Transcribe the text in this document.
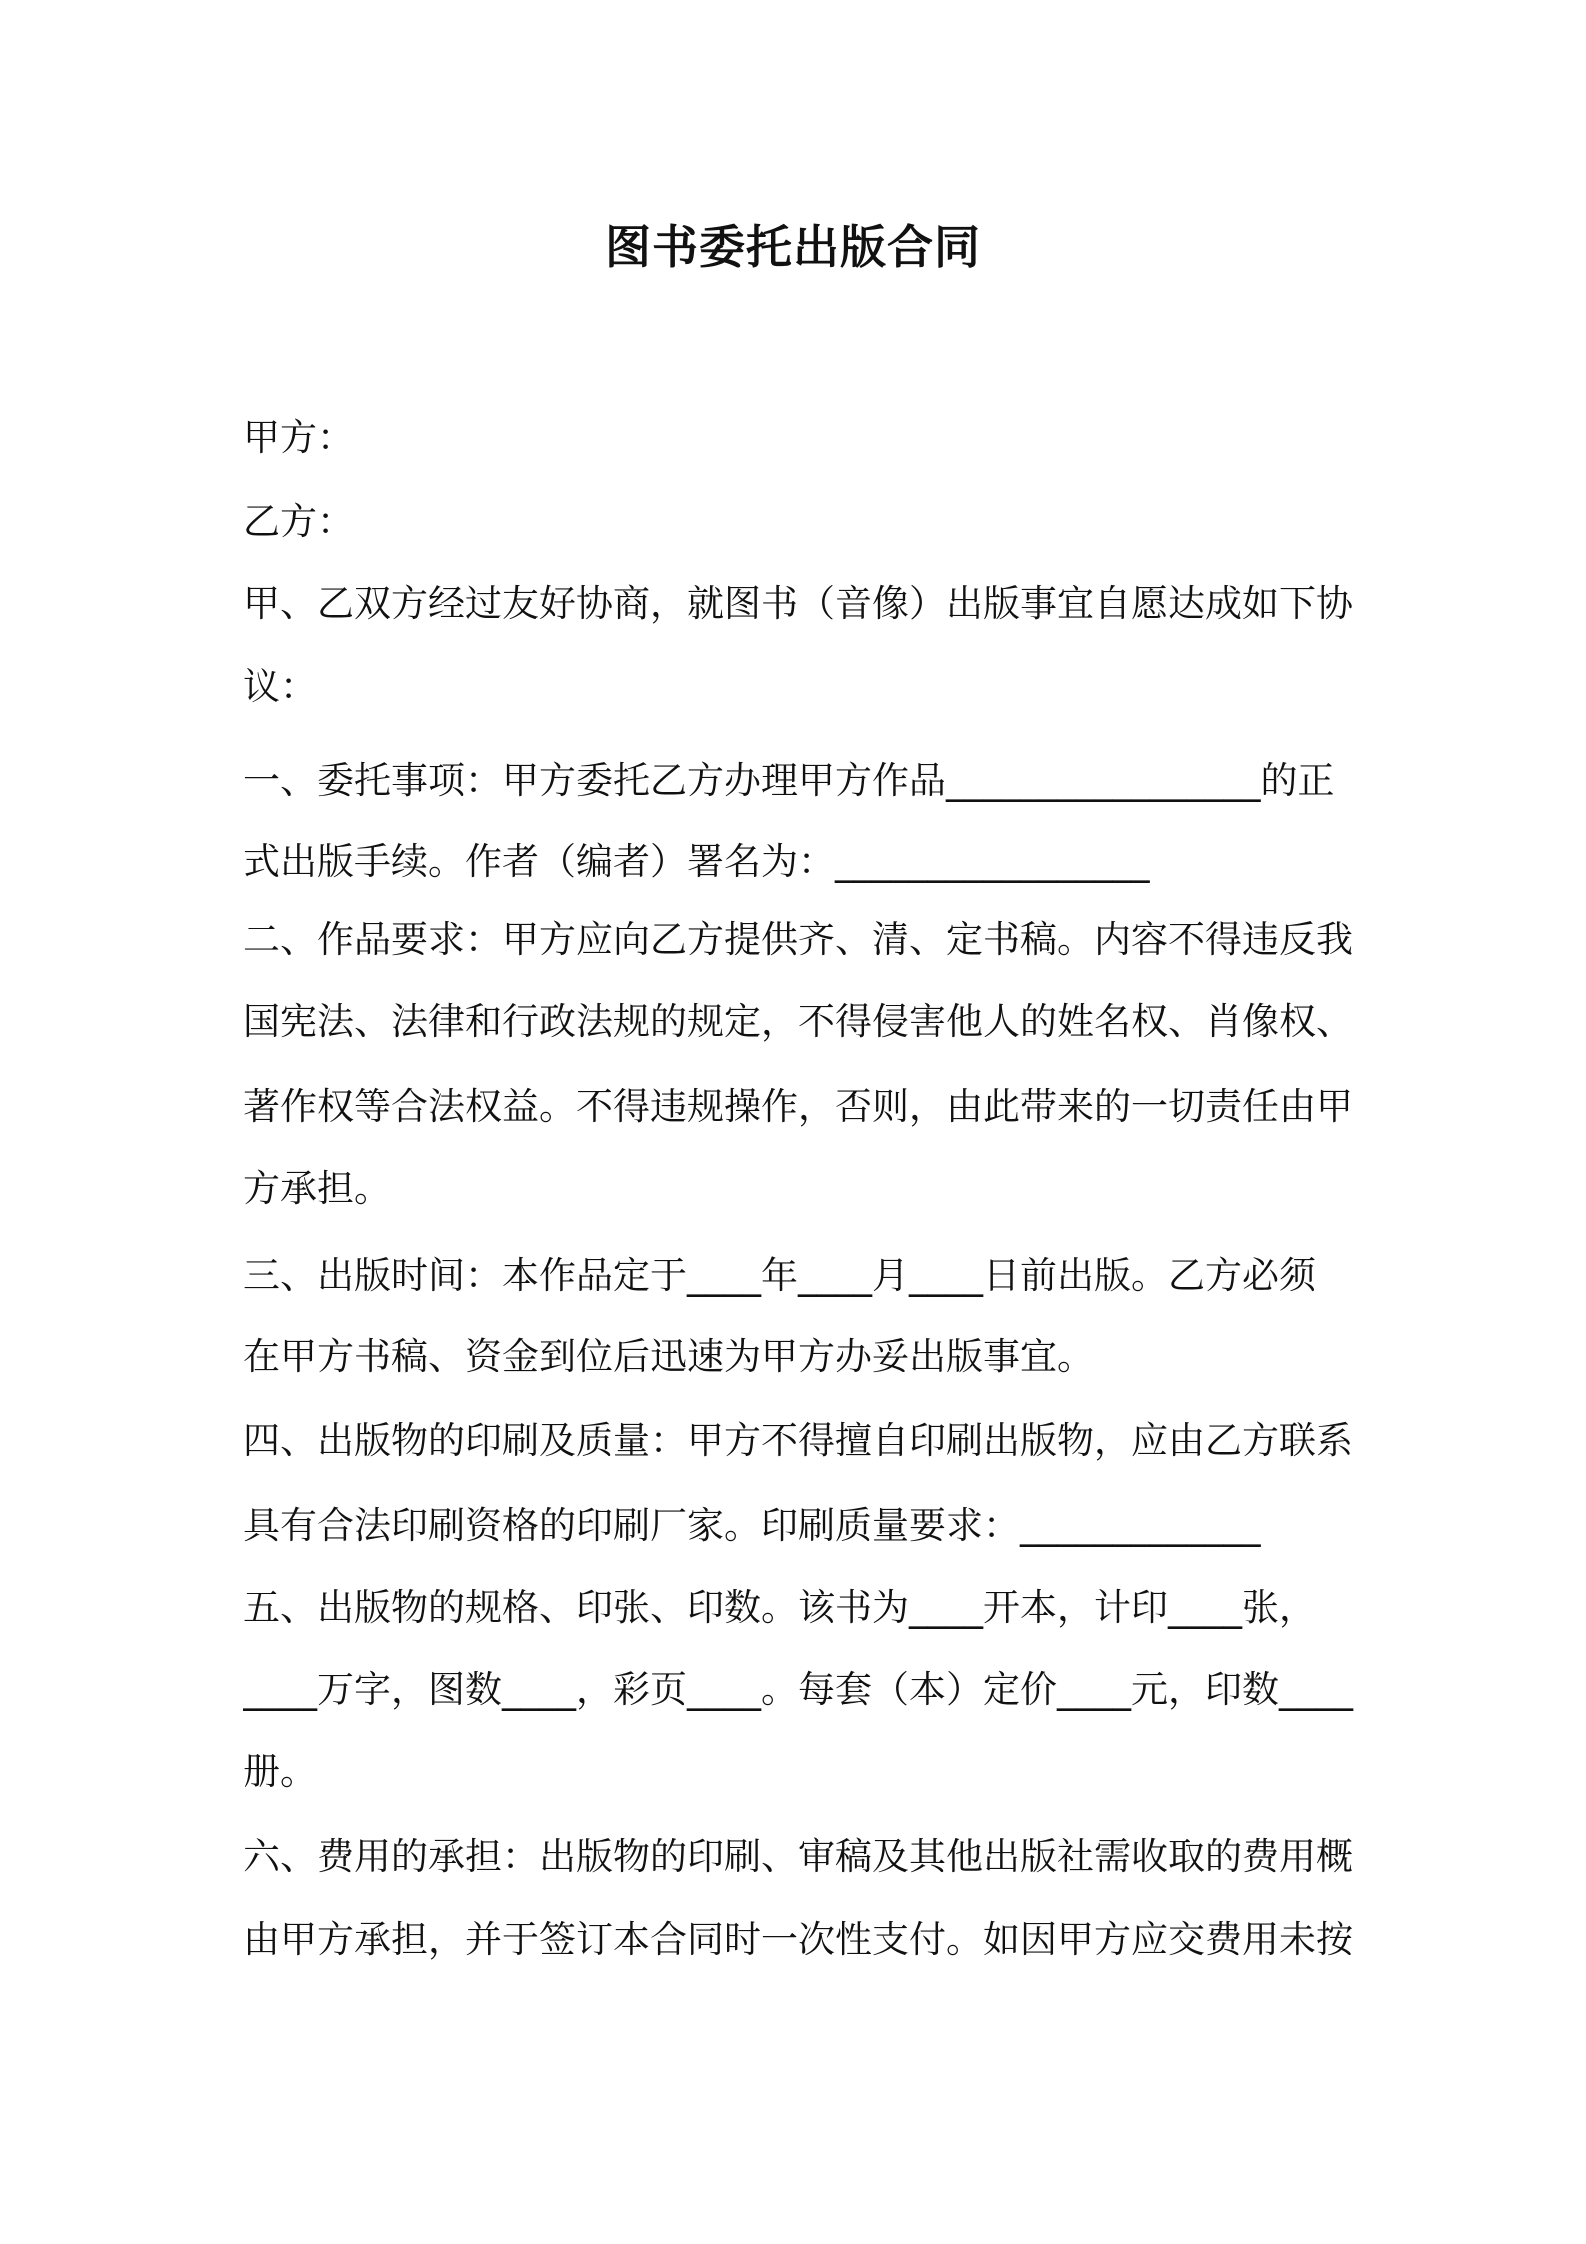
图书委托出版合同

甲方：

乙方：

甲、乙双方经过友好协商，就图书（音像）出版事宜自愿达成如下协

议：

一、委托事项：甲方委托乙方办理甲方作品_________________的正

式出版手续。作者（编者）署名为：_________________

二、作品要求：甲方应向乙方提供齐、清、定书稿。内容不得违反我

国宪法、法律和行政法规的规定，不得侵害他人的姓名权、肖像权、

著作权等合法权益。不得违规操作，否则，由此带来的一切责任由甲

方承担。

三、出版时间：本作品定于____年____月____日前出版。乙方必须

在甲方书稿、资金到位后迅速为甲方办妥出版事宜。

四、出版物的印刷及质量：甲方不得擅自印刷出版物，应由乙方联系

具有合法印刷资格的印刷厂家。印刷质量要求：_____________

五、出版物的规格、印张、印数。该书为____开本，计印____张，

____万字，图数____，彩页____。每套（本）定价____元，印数____

册。

六、费用的承担：出版物的印刷、审稿及其他出版社需收取的费用概

由甲方承担，并于签订本合同时一次性支付。如因甲方应交费用未按
